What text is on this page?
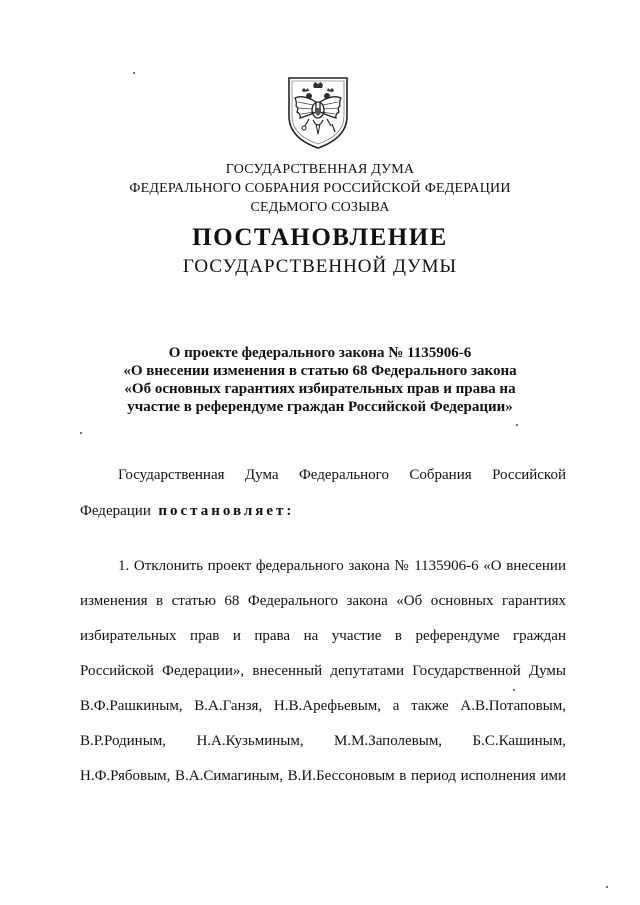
ГОСУДАРСТВЕННАЯ ДУМА
ФЕДЕРАЛЬНОГО СОБРАНИЯ РОССИЙСКОЙ ФЕДЕРАЦИИ
СЕДЬМОГО СОЗЫВА
ПОСТАНОВЛЕНИЕ
ГОСУДАРСТВЕННОЙ ДУМЫ
О проекте федерального закона № 1135906-6
«О внесении изменения в статью 68 Федерального закона
«Об основных гарантиях избирательных прав и права на
участие в референдуме граждан Российской Федерации»
Государственная Дума Федерального Собрания Российской
Федерации постановляет:
1. Отклонить проект федерального закона № 1135906-6 «О внесении
изменения в статью 68 Федерального закона «Об основных гарантиях
избирательных прав и права на участие в референдуме граждан
Российской Федерации», внесенный депутатами Государственной Думы
В.Ф.Рашкиным, В.А.Ганзя, Н.В.Арефьевым, а также А.В.Потаповым,
В.Р.Родиным, Н.А.Кузьминым, М.М.Заполевым, Б.С.Кашиным,
Н.Ф.Рябовым, В.А.Симагиным, В.И.Бессоновым в период исполнения ими
